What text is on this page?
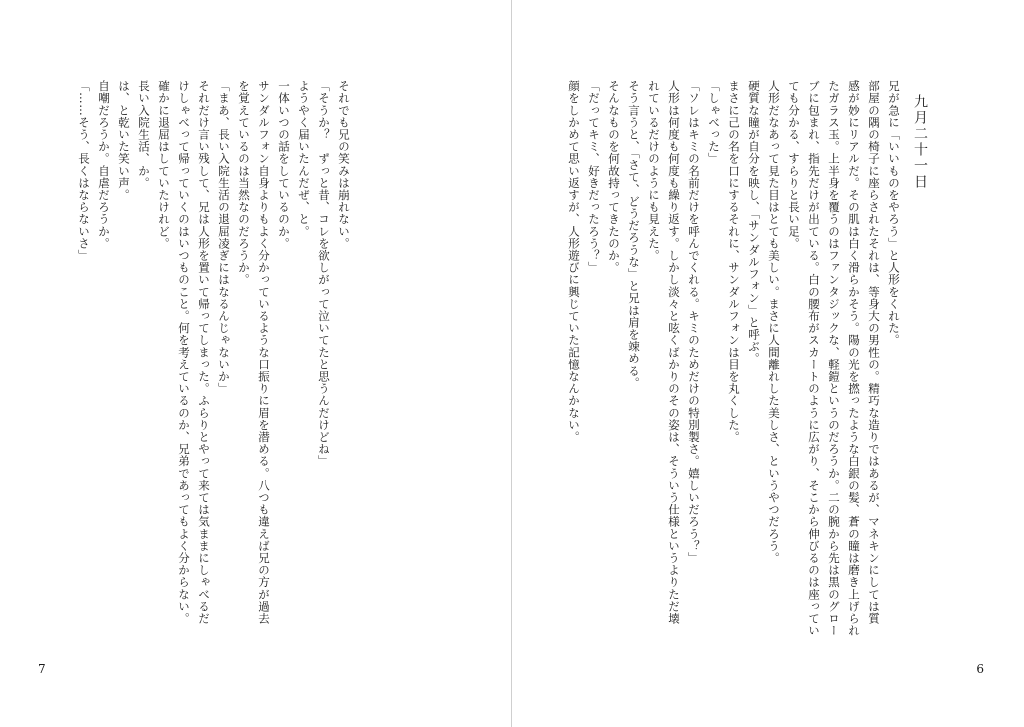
それでも兄の笑みは崩れない。
「そうか？　ずっと昔、コレを欲しがって泣いてたと思うんだけどね」
ようやく届いたんだぜ、と。
一体いつの話をしているのか。
サンダルフォン自身よりもよく分かっているような口振りに眉を潜める。八つも違えば兄の方が過去
を覚えているのは当然なのだろうか。
「まあ、長い入院生活の退屈凌ぎにはなるんじゃないか」
それだけ言い残して、兄は人形を置いて帰ってしまった。ふらりとやって来ては気ままにしゃべるだ
けしゃべって帰っていくのはいつものこと。何を考えているのか、兄弟であってもよく分からない。
確かに退屈はしていたけれど。
長い入院生活、か。
は、と乾いた笑い声。
自嘲だろうか。自虐だろうか。
「……そう、長くはならないさ」
7
九月二十一日
兄が急に「いいものをやろう」と人形をくれた。
部屋の隅の椅子に座らされたそれは、等身大の男性の。精巧な造りではあるが、マネキンにしては質
感が妙にリアルだ。その肌は白く滑らかそう。陽の光を撚ったような白銀の髪、蒼の瞳は磨き上げられ
たガラス玉。上半身を覆うのはファンタジックな、軽鎧というのだろうか。二の腕から先は黒のグロー
ブに包まれ、指先だけが出ている。白の腰布がスカートのように広がり、そこから伸びるのは座ってい
ても分かる、すらりと長い足。
人形だなあって見た目はとても美しい。まさに人間離れした美しさ、というやつだろう。
硬質な瞳が自分を映し、「サンダルフォン」と呼ぶ。
まさに己の名を口にするそれに、サンダルフォンは目を丸くした。
「しゃべった」
「ソレはキミの名前だけを呼んでくれる。キミのためだけの特別製さ。嬉しいだろう？」
人形は何度も何度も繰り返す。しかし淡々と呟くばかりのその姿は、そういう仕様というよりただ壊
れているだけのようにも見えた。
そう言うと、「さて、どうだろうな」と兄は肩を竦める。
そんなものを何故持ってきたのか。
「だってキミ、好きだったろう？」
顔をしかめて思い返すが、人形遊びに興じていた記憶なんかない。
6
